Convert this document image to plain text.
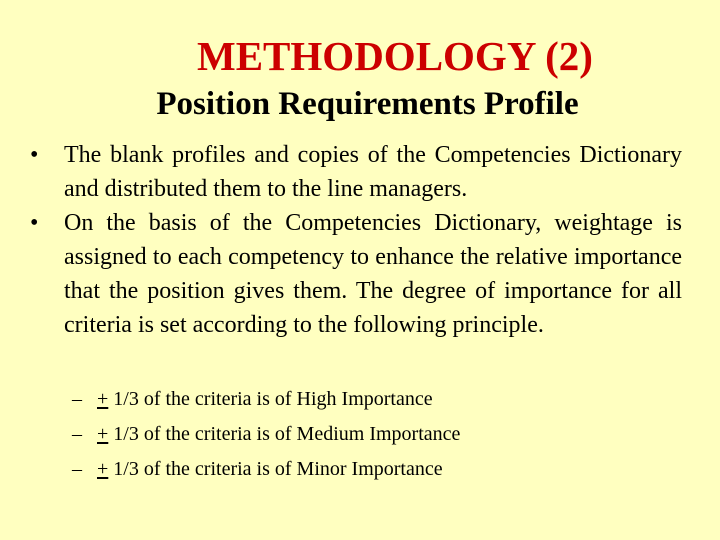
METHODOLOGY (2)
Position Requirements Profile
•	The blank profiles and copies of the Competencies Dictionary and distributed them to the line managers.
•	On the basis of the Competencies Dictionary, weightage is assigned to each competency to enhance the relative importance that the position gives them. The degree of importance for all criteria is set according to the following principle.
– + 1/3 of the criteria is of High Importance
– + 1/3 of the criteria is of Medium Importance
– + 1/3 of the criteria is of Minor Importance
